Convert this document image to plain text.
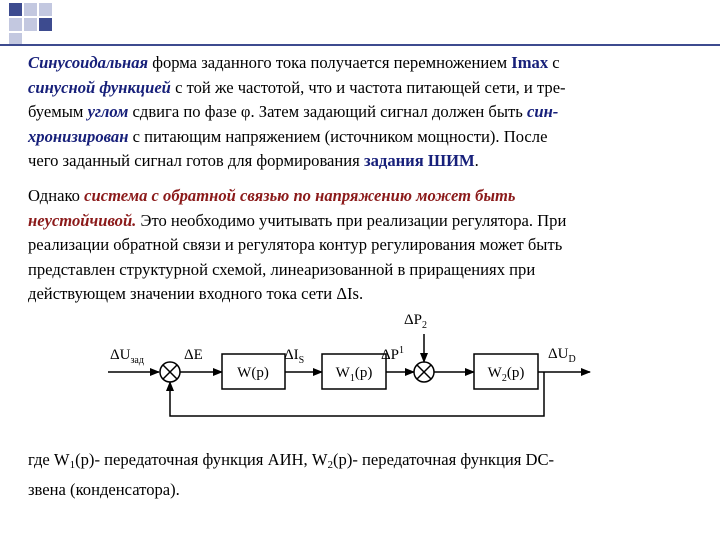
Синусоидальная форма заданного тока получается перемножением Imax с
синусной функцией с той же частотой, что и частота питающей сети, и тре-
буемым углом сдвига по фазе φ. Затем задающий сигнал должен быть син-
хронизирован с питающим напряжением (источником мощности). После
чего заданный сигнал готов для формирования задания ШИМ.
Однако система с обратной связью по напряжению может быть
неустойчивой. Это необходимо учитывать при реализации регулятора. При
реализации обратной связи и регулятора контур регулирования может быть
представлен структурной схемой, линеаризованной в приращениях при
действующем значении входного тока сети ΔIs.
$\Delta U_{зад}$	ΔE
W(p)
$\Delta I_S$
$W_1(p)$
$\Delta P^1$
$\Delta P_2$
$W_2(p)$
$\Delta U_D$
где $W_1(p)-$ передаточная функция АИН, $W_2(p)-$ передаточная функция DC-
звена (конденсатора).
